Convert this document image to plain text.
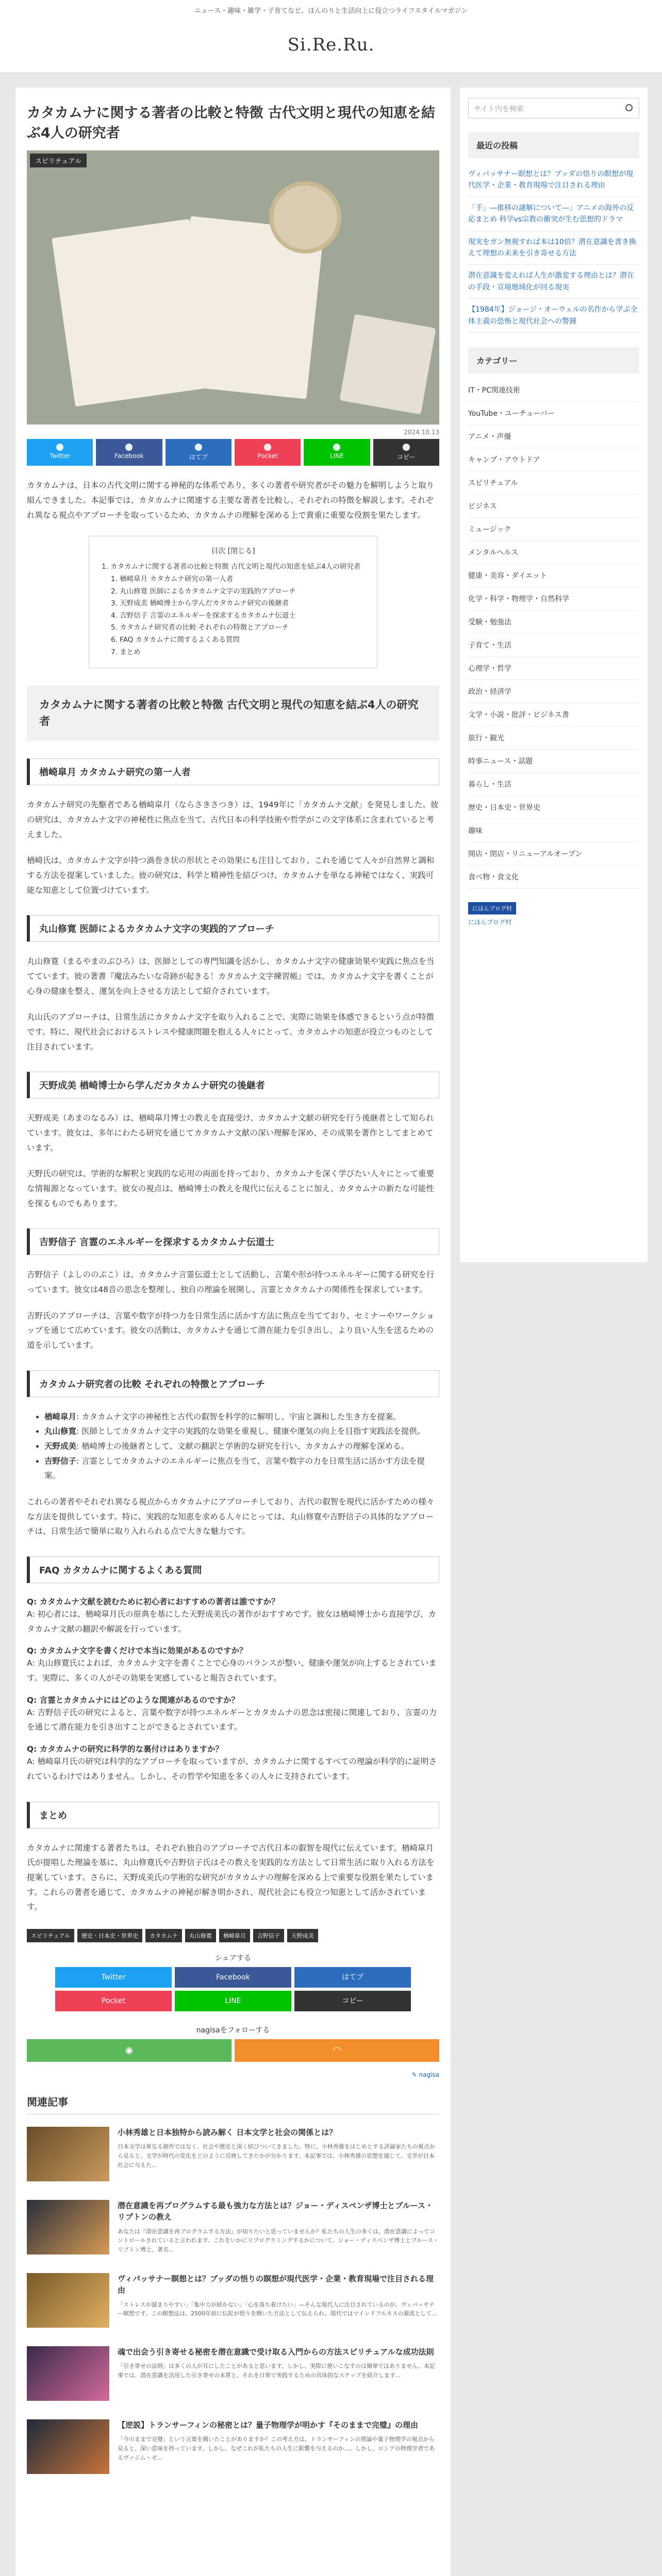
ニュース・趣味・雑学・子育てなど、ほんのりと生活向上に役立つライフスタイルマガジン
Si.Re.Ru.
カタカムナに関する著者の比較と特徴 古代文明と現代の知恵を結ぶ4人の研究者
スピリチュアル
2024.10.13
Twitter	Facebook	はてブ	Pocket	LINE	コピー

カタカムナは、日本の古代文明に関する神秘的な体系であり、多くの著者や研究者がその魅力を解明しようと取り組んできました。本記事では、カタカムナに関連する主要な著者を比較し、それぞれの特徴を解説します。それぞれ異なる視点やアプローチを取っているため、カタカムナの理解を深める上で貴重に重要な役割を果たします。

目次 [閉じる]
1. カタカムナに関する著者の比較と特徴 古代文明と現代の知恵を結ぶ4人の研究者
1. 楢崎皐月 カタカムナ研究の第一人者
2. 丸山修寛 医師によるカタカムナ文字の実践的アプローチ
3. 天野成美 楢崎博士から学んだカタカムナ研究の後継者
4. 吉野信子 言霊のエネルギーを探求するカタカムナ伝道士
5. カタカムナ研究者の比較 それぞれの特徴とアプローチ
6. FAQ カタカムナに関するよくある質問
7. まとめ
カタカムナに関する著者の比較と特徴 古代文明と現代の知恵を結ぶ4人の研究者
楢崎皐月 カタカムナ研究の第一人者

カタカムナ研究の先駆者である楢崎皐月（ならさきさつき）は、1949年に「カタカムナ文献」を発見しました。彼の研究は、カタカムナ文字の神秘性に焦点を当て、古代日本の科学技術や哲学がこの文字体系に含まれていると考えました。

楢崎氏は、カタカムナ文字が持つ渦巻き状の形状とその効果にも注目しており、これを通じて人々が自然界と調和する方法を提案していました。彼の研究は、科学と精神性を結びつけ、カタカムナを単なる神秘ではなく、実践可能な知恵として位置づけています。

丸山修寛 医師によるカタカムナ文字の実践的アプローチ

丸山修寛（まるやまのぶひろ）は、医師としての専門知識を活かし、カタカムナ文字の健康効果や実践に焦点を当てています。彼の著書『魔法みたいな奇跡が起きる！カタカムナ文字練習帳』では、カタカムナ文字を書くことが心身の健康を整え、運気を向上させる方法として紹介されています。

丸山氏のアプローチは、日常生活にカタカムナ文字を取り入れることで、実際に効果を体感できるという点が特徴です。特に、現代社会におけるストレスや健康問題を抱える人々にとって、カタカムナの知恵が役立つものとして注目されています。

天野成美 楢崎博士から学んだカタカムナ研究の後継者

天野成美（あまのなるみ）は、楢崎皐月博士の教えを直接受け、カタカムナ文献の研究を行う後継者として知られています。彼女は、多年にわたる研究を通じてカタカムナ文献の深い理解を深め、その成果を著作としてまとめています。

天野氏の研究は、学術的な解釈と実践的な応用の両面を持っており、カタカムナを深く学びたい人々にとって重要な情報源となっています。彼女の視点は、楢崎博士の教えを現代に伝えることに加え、カタカムナの新たな可能性を探るものでもあります。

吉野信子 言霊のエネルギーを探求するカタカムナ伝道士

吉野信子（よしののぶこ）は、カタカムナ言霊伝道士として活動し、言葉や形が持つエネルギーに関する研究を行っています。彼女は48音の思念を整理し、独自の理論を展開し、言霊とカタカムナの関係性を探求しています。

吉野氏のアプローチは、言葉や数字が持つ力を日常生活に活かす方法に焦点を当てており、セミナーやワークショップを通じて広めています。彼女の活動は、カタカムナを通じて潜在能力を引き出し、より良い人生を送るための道を示しています。

カタカムナ研究者の比較 それぞれの特徴とアプローチ
• 楢崎皐月: カタカムナ文字の神秘性と古代の叡智を科学的に解明し、宇宙と調和した生き方を提案。
• 丸山修寛: 医師としてカタカムナ文字の実践的な効果を重視し、健康や運気の向上を目指す実践法を提供。
• 天野成美: 楢崎博士の後継者として、文献の翻訳と学術的な研究を行い、カタカムナの理解を深める。
• 吉野信子: 言霊としてカタカムナのエネルギーに焦点を当て、言葉や数字の力を日常生活に活かす方法を提案。

これらの著者やそれぞれ異なる視点からカタカムナにアプローチしており、古代の叡智を現代に活かすための様々な方法を提供しています。特に、実践的な知恵を求める人々にとっては、丸山修寛や吉野信子の具体的なアプローチは、日常生活で簡単に取り入れられる点で大きな魅力です。

FAQ カタカムナに関するよくある質問
Q: カタカムナ文献を読むために初心者におすすめの著者は誰ですか？
A: 初心者には、楢崎皐月氏の原典を基にした天野成美氏の著作がおすすめです。彼女は楢崎博士から直接学び、カタカムナ文献の翻訳や解説を行っています。
Q: カタカムナ文字を書くだけで本当に効果があるのですか？
A: 丸山修寛氏によれば、カタカムナ文字を書くことで心身のバランスが整い、健康や運気が向上するとされています。実際に、多くの人がその効果を実感していると報告されています。
Q: 言霊とカタカムナにはどのような関連があるのですか？
A: 吉野信子氏の研究によると、言葉や数字が持つエネルギーとカタカムナの思念は密接に関連しており、言霊の力を通じて潜在能力を引き出すことができるとされています。
Q: カタカムナの研究に科学的な裏付けはありますか？
A: 楢崎皐月氏の研究は科学的なアプローチを取っていますが、カタカムナに関するすべての理論が科学的に証明されているわけではありません。しかし、その哲学や知恵を多くの人々に支持されています。
まとめ

カタカムナに関連する著者たちは、それぞれ独自のアプローチで古代日本の叡智を現代に伝えています。楢崎皐月氏が提唱した理論を基に、丸山修寛氏や吉野信子氏はその教えを実践的な方法として日常生活に取り入れる方法を提案しています。さらに、天野成美氏の学術的な研究がカタカムナの理解を深める上で重要な役割を果たしています。これらの著者を通じて、カタカムナの神秘が解き明かされ、現代社会にも役立つ知恵として活かされています。

スピリチュアル	歴史・日本史・世界史	カタカムナ	丸山修寛	楢崎皐月	吉野信子	天野成美
シェアする
Twitter	Facebook	はてブ
Pocket	LINE	コピー
nagisaをフォローする
◉	◠
✎ nagisa
関連記事
小林秀雄と日本独特から読み解く 日本文学と社会の関係とは？
日本文学は単なる創作ではなく、社会や歴史と深く結びついてきました。特に、小林秀雄をはじめとする評論家たちの視点から見ると、文学が時代の変化をどのように反映してきたかが分かります。本記事では、小林秀雄の思想を通じて、文学が日本社会に与えた...
潜在意識を再プログラムする最も強力な方法とは？ジョー・ディスペンザ博士とブルース・リプトンの教え
あなたは『潜在意識を再プログラムする方法』が知りたいと思っていませんか？私たちの人生の多くは、潜在意識によってコントロールされていると言われます。これをいかにリプログラミングするかについて、ジョー・ディスペンザ博士とブルース・リプトン博士、著名...
ヴィパッサナー瞑想とは？ブッダの悟りの瞑想が現代医学・企業・教育現場で注目される理由
「ストレスが溜まりやすい」「集中力が続かない」「心を落ち着けたい」―そんな現代人に注目されているのが、ヴィパッサナー瞑想です。この瞑想法は、2500年前に仏陀が悟りを開いた方法として伝えられ、現代ではマインドフルネスの源流として...
魂で出会う引き寄せる秘密を潜在意識で受け取る入門からの方法スピリチュアルな成功法則
「引き寄せの法則」は多くの人が耳にしたことがあると思います。しかし、実際に使いこなすのは簡単ではありません。本記事では、潜在意識を活用した引き寄せの本質と、それを日常で実践するための具体的なステップを紹介します...
【逆説】トランサーフィンの秘密とは？量子物理学が明かす『そのままで完璧』の理由
「今のままで完璧」という言葉を聞いたことがありますか？この考え方は、トランサーフィンの理論や量子物理学の視点から見ると、深い意味を持っています。しかし、なぜこれが私たちの人生に影響を与えるのか…。しかし、ロシアの物理学者であるヴァジム・ゼ...
サイト内を検索
最近の投稿
ヴィパッサナー瞑想とは？ブッダの悟りの瞑想が現代医学・企業・教育現場で注目される理由
「手」―推移の謎解について―」アニメの海外の反応まとめ 科学vs宗教の衝突が生む思想的ドラマ
現実をガン無視すれば本は10倍？潜在意識を書き換えて理想の未来を引き寄せる方法
潜在意識を変えれば人生が激変する理由とは？潜在の手段・宣境地域化が回る現実
【1984年】ジョージ・オーウェルの名作から学ぶ全体主義の恐怖と現代社会への警鐘
カテゴリー
IT・PC関連技術
YouTube・ユーチューバー
アニメ・声優
キャンプ・アウトドア
スピリチュアル
ビジネス
ミュージック
メンタルヘルス
健康・美容・ダイエット
化学・科学・物理学・自然科学
受験・勉強法
子育て・生活
心理学・哲学
政治・経済学
文学・小説・批評・ビジネス書
旅行・観光
時事ニュース・話題
暮らし・生活
歴史・日本史・世界史
趣味
開店・閉店・リニューアルオープン
食べ物・食文化
にほんブログ村
にほんブログ村
